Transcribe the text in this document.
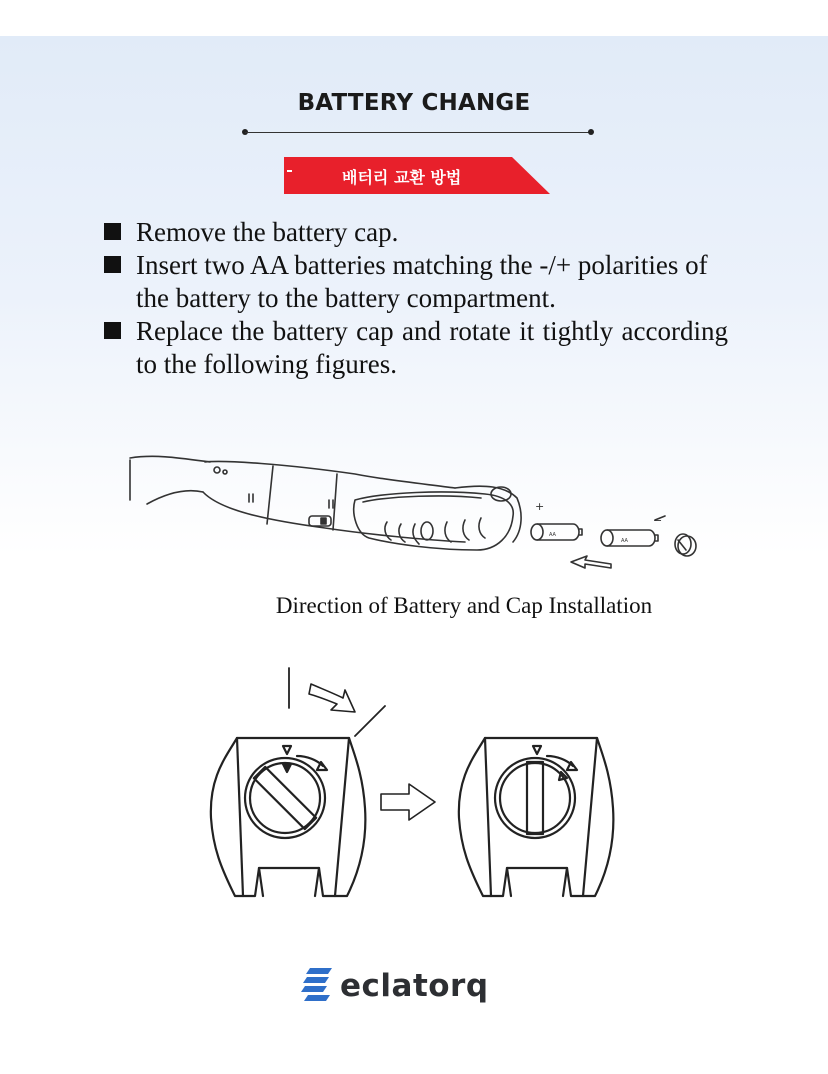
BATTERY CHANGE
배터리 교환 방법
Remove the battery cap.
Insert two AA batteries matching the -/+ polarities of the battery to the battery compartment.
Replace the battery cap and rotate it tightly according to the following figures.
+
AA
AA
−
Direction of Battery and Cap Installation
eclatorq
